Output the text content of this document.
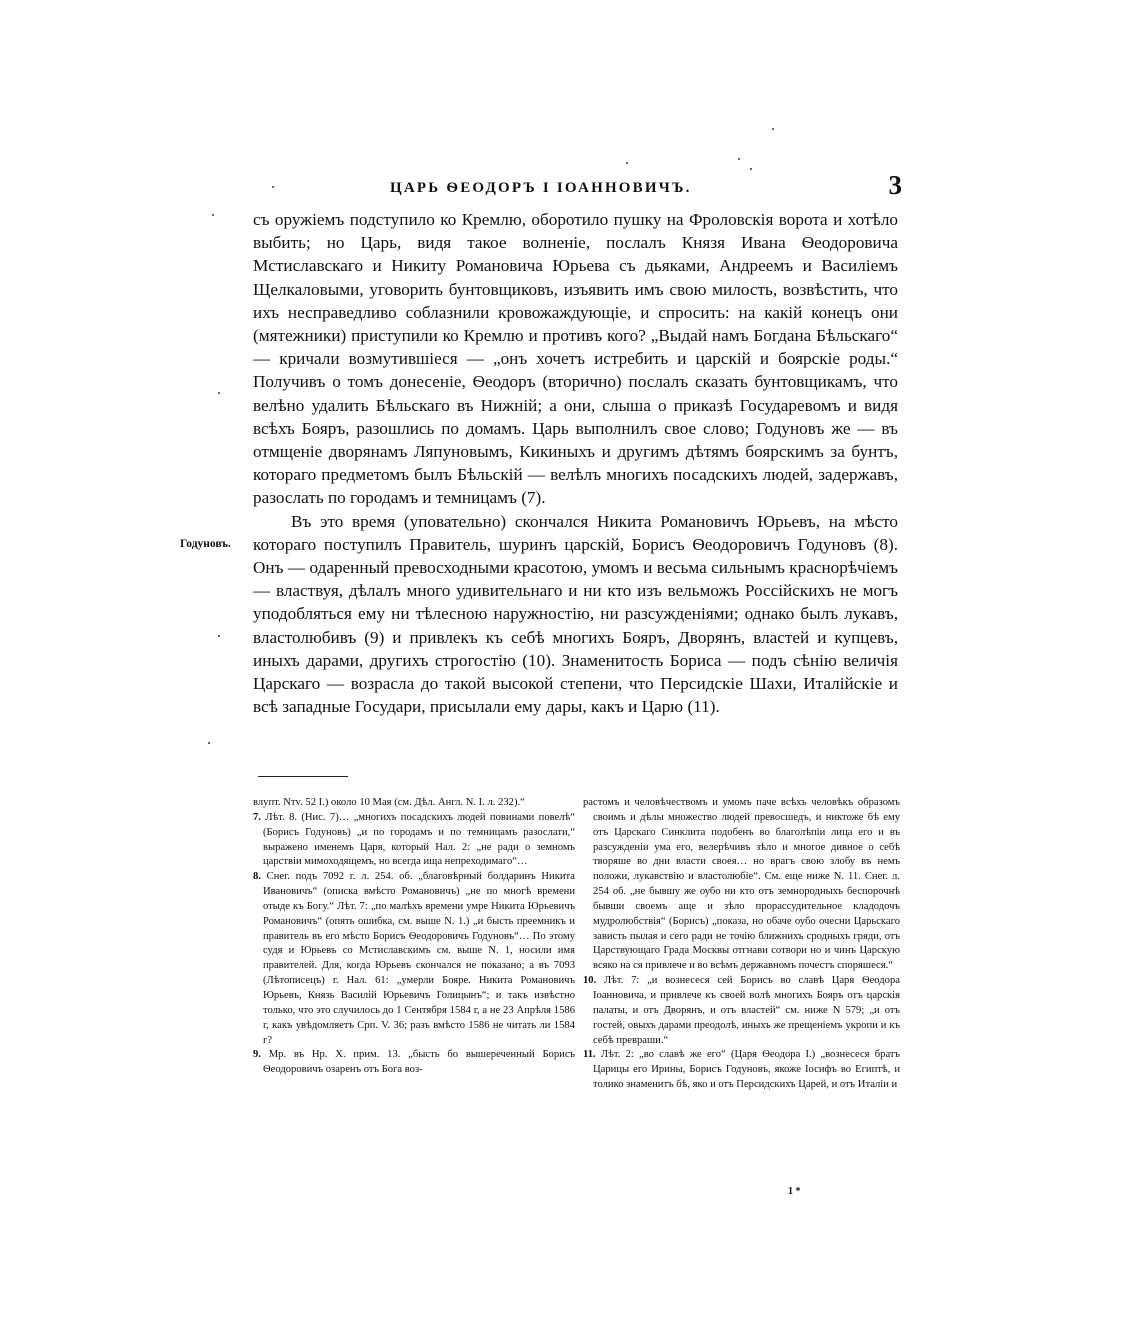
ЦАРЬ ѲЕОДОРЪ I IОАННОВИЧЪ.	3

съ оружіемъ подступило ко Кремлю, оборотило пушку на Фроловскія ворота и хотѣло выбить; но Царь, видя такое волненіе, послалъ Князя Ивана Ѳеодоровича Мстиславскаго и Никиту Романовича Юрьева съ дьяками, Андреемъ и Василіемъ Щелкаловыми, уговорить бунтовщиковъ, изъявить имъ свою милость, возвѣстить, что ихъ несправедливо соблазнили кровожаждующіе, и спросить: на какій конецъ они (мятежники) приступили ко Кремлю и противъ кого? „Выдай намъ Богдана Бѣльскаго“ — кричали возмутившіеся — „онъ хочетъ истребить и царскій и боярскіе роды.“ Получивъ о томъ донесеніе, Ѳеодоръ (вторично) послалъ сказать бунтовщикамъ, что велѣно удалить Бѣльскаго въ Нижній; а они, слыша о приказѣ Государевомъ и видя всѣхъ Бояръ, разошлись по домамъ. Царь выполнилъ свое слово; Годуновъ же — въ отмщеніе дворянамъ Ляпуновымъ, Кикиныхъ и другимъ дѣтямъ боярскимъ за бунтъ, котораго предметомъ былъ Бѣльскій — велѣлъ многихъ посадскихъ людей, задержавъ, разослать по городамъ и темницамъ (7).

Въ это время (уповательно) скончался Никита Романовичъ Юрьевъ, на мѣсто котораго поступилъ Правитель, шуринъ царскій, Борисъ Ѳеодоровичъ Годуновъ (8). Онъ — одаренный превосходными красотою, умомъ и весьма сильнымъ краснорѣчіемъ — властвуя, дѣлалъ много удивительнаго и ни кто изъ вельможъ Россійскихъ не могъ уподобляться ему ни тѣлесною наружностію, ни разсужденіями; однако былъ лукавъ, властолюбивъ (9) и привлекъ къ себѣ многихъ Бояръ, Дворянъ, властей и купцевъ, иныхъ дарами, другихъ строгостію (10). Знаменитость Бориса — подъ сѣнію величія Царскаго — возрасла до такой высокой степени, что Персидскіе Шахи, Италійскіе и всѣ западные Государи, присылали ему дары, какъ и Царю (11).

Годуновъ.

влупт. Nтv. 52 I.) около 10 Мая (см. Дѣл. Англ. N. I. л. 232).“

7. Лѣт. 8. (Нис. 7)… „многихъ посадскихъ людей повинами повелѣ“ (Борисъ Годуновъ) „и по городамъ и по темницамъ разослати,“ выражено именемъ Царя, который Нал. 2: „не ради о земномъ царствіи мимоходящемъ, но всегда ища непреходимаго“…

8. Снег. подъ 7092 г. л. 254. об. „благовѣрный болдаринъ Никита Ивановичъ“ (описка вмѣсто Романовичъ) „не по многѣ времени отыде къ Богу.“ Лѣт. 7: „по малѣхъ времени умре Никита Юрьевичъ Романовичъ“ (опять ошибка, см. выше N. 1.) „и бысть преемникъ и правитель въ его мѣсто Борисъ Ѳеодоровичъ Годуновъ“… По этому судя и Юрьевъ со Мстиславскимъ см. выше N. 1, носили имя правителей. Для, когда Юрьевъ скончался не показано; а въ 7093 (Лѣтописецъ) г. Нал. 61: „умерли Бояре. Никита Романовичъ Юрьевъ, Князь Василій Юрьевичъ Голицынъ“; и такъ извѣстно только, что это случилось до 1 Сентября 1584 г, а не 23 Апрѣля 1586 г, какъ увѣдомляетъ Срп. V. 36; разъ вмѣсто 1586 не читать ли 1584 г?

9. Мр. въ Нр. X. прим. 13. „бысть бо вышереченный Борисъ Ѳеодоровичъ озаренъ отъ Бога воз-

растомъ и человѣчествомъ и умомъ паче всѣхъ человѣкъ образомъ своимъ и дѣлы множество людей превосшедъ, и никтоже бѣ ему отъ Царскаго Синклита подобенъ во благолѣпіи лица его и въ разсужденіи ума его, велерѣчивъ зѣло и многое дивное о себѣ творяше во дни власти своея… но врагъ свою злобу въ немъ положи, лукавствію и властолюбіе“. См. еще ниже N. 11. Снег. л. 254 об. „не бывшу же оубо ни кто отъ земнородныхъ беспорочнѣ бывши своемъ аще и зѣло прорассудительное кладодочъ мудролюбствія“ (Борисъ) „показа, но обаче оубо очесни Царьскаго зависть пылая и сего ради не точію ближнихъ сродныхъ гряди, отъ Царствующаго Града Москвы отгнави сотвори но и чинъ Царскую всяко на ся привлече и во всѣмъ державномъ почестъ споряшеся.“

10. Лѣт. 7: „и вознесеся сей Борисъ во славѣ Царя Ѳеодора Іоанновича, и привлече къ своей волѣ многихъ Бояръ отъ царскія палаты, и отъ Дворянъ, и отъ властей“ см. ниже N 579; „и отъ гостей, овыхъ дарами преодолѣ, иныхъ же прещеніемъ укропи и къ себѣ превраши.“

11. Лѣт. 2: „во славѣ же его“ (Царя Ѳеодора I.) „вознесеся братъ Царицы его Ирины, Борисъ Годуновъ, якоже Іосифъ во Египтѣ, и толико знаменитъ бѣ, яко и отъ Персидскихъ Царей, и отъ Италіи и

1 *
